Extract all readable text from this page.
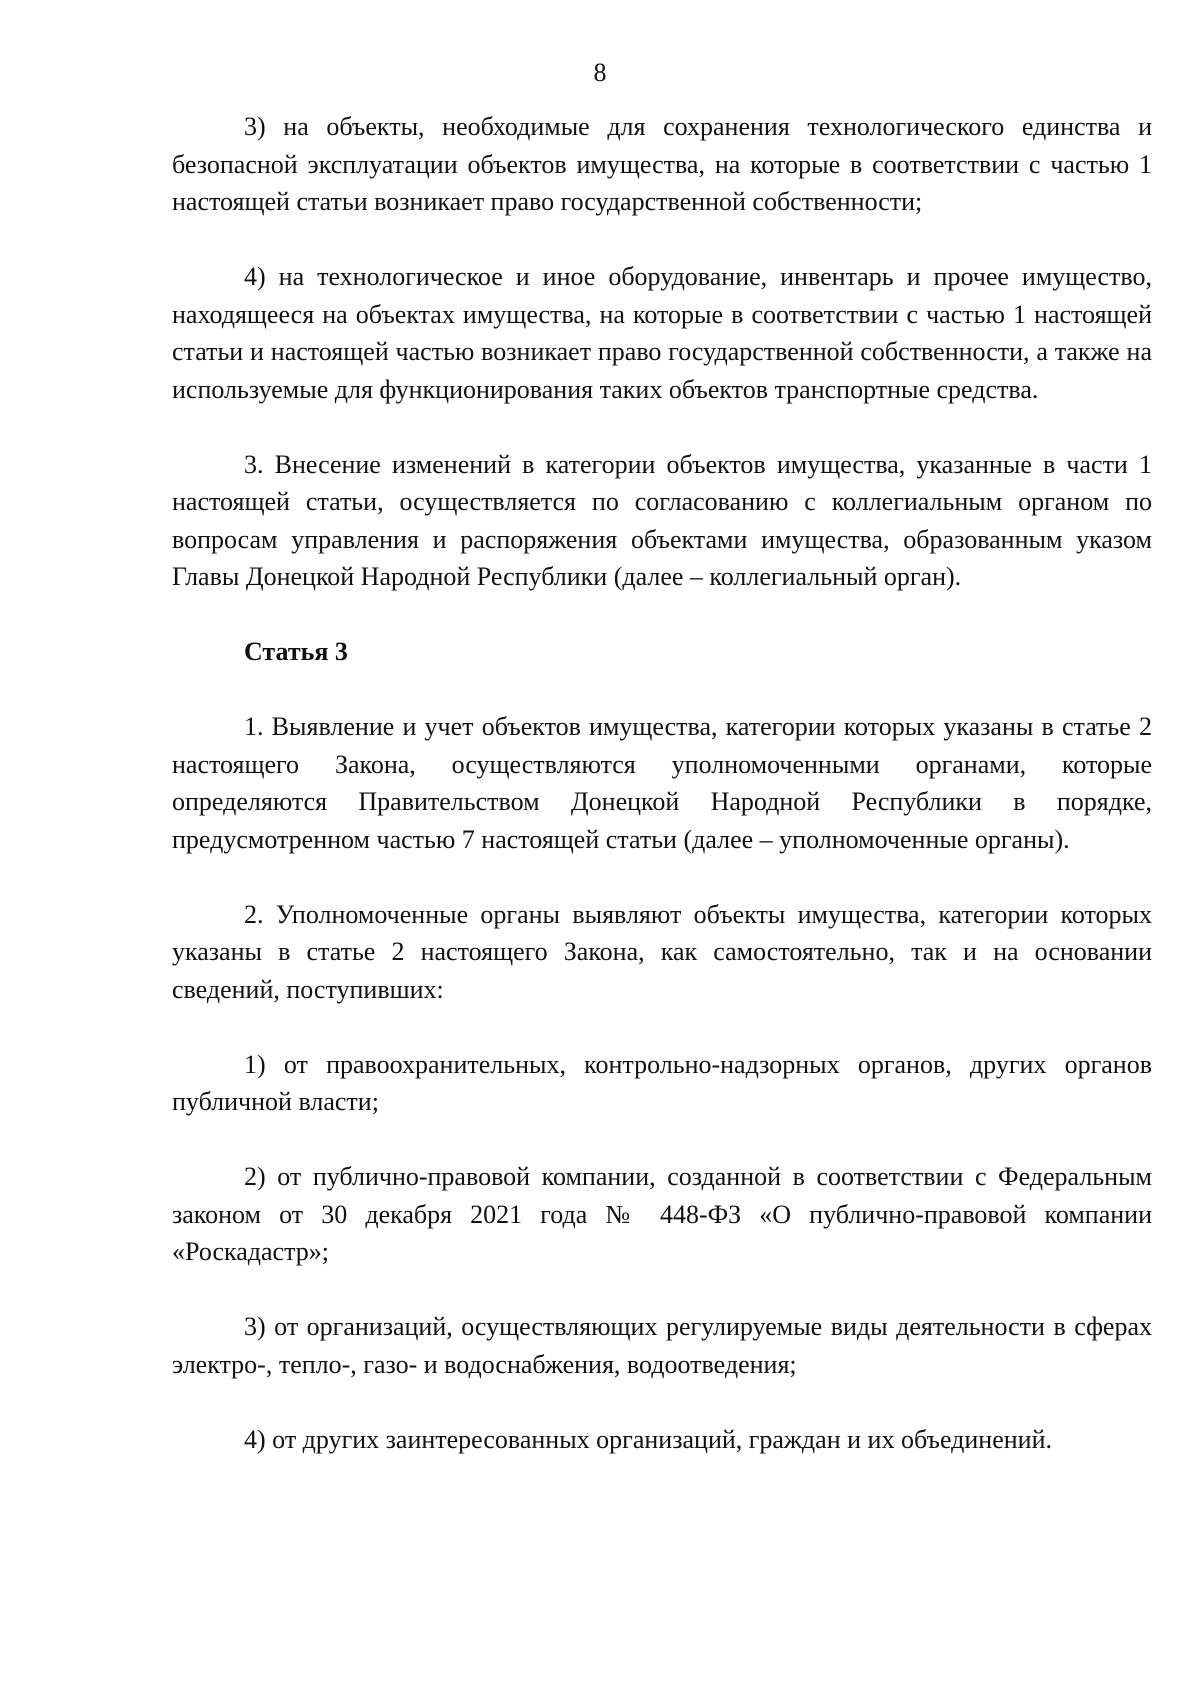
8

3) на объекты, необходимые для сохранения технологического единства и безопасной эксплуатации объектов имущества, на которые в соответствии с частью 1 настоящей статьи возникает право государственной собственности;

4) на технологическое и иное оборудование, инвентарь и прочее имущество, находящееся на объектах имущества, на которые в соответствии с частью 1 настоящей статьи и настоящей частью возникает право государственной собственности, а также на используемые для функционирования таких объектов транспортные средства.

3. Внесение изменений в категории объектов имущества, указанные в части 1 настоящей статьи, осуществляется по согласованию с коллегиальным органом по вопросам управления и распоряжения объектами имущества, образованным указом Главы Донецкой Народной Республики (далее – коллегиальный орган).

Статья 3

1. Выявление и учет объектов имущества, категории которых указаны в статье 2 настоящего Закона, осуществляются уполномоченными органами, которые определяются Правительством Донецкой Народной Республики в порядке, предусмотренном частью 7 настоящей статьи (далее – уполномоченные органы).

2. Уполномоченные органы выявляют объекты имущества, категории которых указаны в статье 2 настоящего Закона, как самостоятельно, так и на основании сведений, поступивших:

1) от правоохранительных, контрольно-надзорных органов, других органов публичной власти;

2) от публично-правовой компании, созданной в соответствии с Федеральным законом от 30 декабря 2021 года № 448-ФЗ «О публично-правовой компании «Роскадастр»;

3) от организаций, осуществляющих регулируемые виды деятельности в сферах электро-, тепло-, газо- и водоснабжения, водоотведения;

4) от других заинтересованных организаций, граждан и их объединений.
